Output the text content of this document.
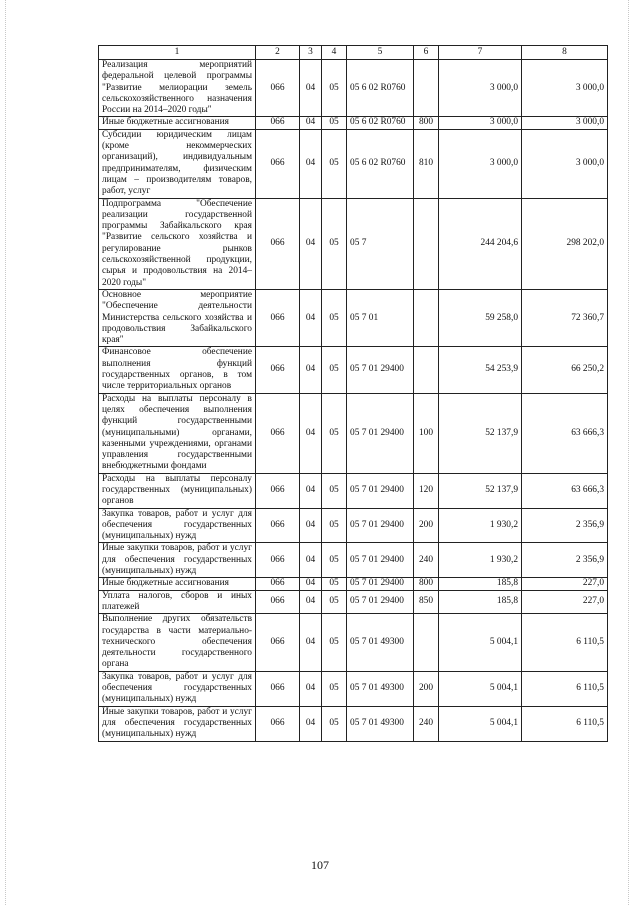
1	2	3	4	5	6	7	8
Реализация мероприятий федеральной целевой программы "Развитие мелиорации земель сельскохозяйственного назначения России на 2014–2020 годы"	066	04	05	05 6 02 R0760		3 000,0	3 000,0
Иные бюджетные ассигнования	066	04	05	05 6 02 R0760	800	3 000,0	3 000,0
Субсидии юридическим лицам (кроме некоммерческих организаций), индивидуальным предпринимателям, физическим лицам – производителям товаров, работ, услуг	066	04	05	05 6 02 R0760	810	3 000,0	3 000,0
Подпрограмма "Обеспечение реализации государственной программы Забайкальского края "Развитие сельского хозяйства и регулирование рынков сельскохозяйственной продукции, сырья и продовольствия на 2014–2020 годы"	066	04	05	05 7		244 204,6	298 202,0
Основное мероприятие "Обеспечение деятельности Министерства сельского хозяйства и продовольствия Забайкальского края"	066	04	05	05 7 01		59 258,0	72 360,7
Финансовое обеспечение выполнения функций государственных органов, в том числе территориальных органов	066	04	05	05 7 01 29400		54 253,9	66 250,2
Расходы на выплаты персоналу в целях обеспечения выполнения функций государственными (муниципальными) органами, казенными учреждениями, органами управления государственными внебюджетными фондами	066	04	05	05 7 01 29400	100	52 137,9	63 666,3
Расходы на выплаты персоналу государственных (муниципальных) органов	066	04	05	05 7 01 29400	120	52 137,9	63 666,3
Закупка товаров, работ и услуг для обеспечения государственных (муниципальных) нужд	066	04	05	05 7 01 29400	200	1 930,2	2 356,9
Иные закупки товаров, работ и услуг для обеспечения государственных (муниципальных) нужд	066	04	05	05 7 01 29400	240	1 930,2	2 356,9
Иные бюджетные ассигнования	066	04	05	05 7 01 29400	800	185,8	227,0
Уплата налогов, сборов и иных платежей	066	04	05	05 7 01 29400	850	185,8	227,0
Выполнение других обязательств государства в части материально-технического обеспечения деятельности государственного органа	066	04	05	05 7 01 49300		5 004,1	6 110,5
Закупка товаров, работ и услуг для обеспечения государственных (муниципальных) нужд	066	04	05	05 7 01 49300	200	5 004,1	6 110,5
Иные закупки товаров, работ и услуг для обеспечения государственных (муниципальных) нужд	066	04	05	05 7 01 49300	240	5 004,1	6 110,5
107
